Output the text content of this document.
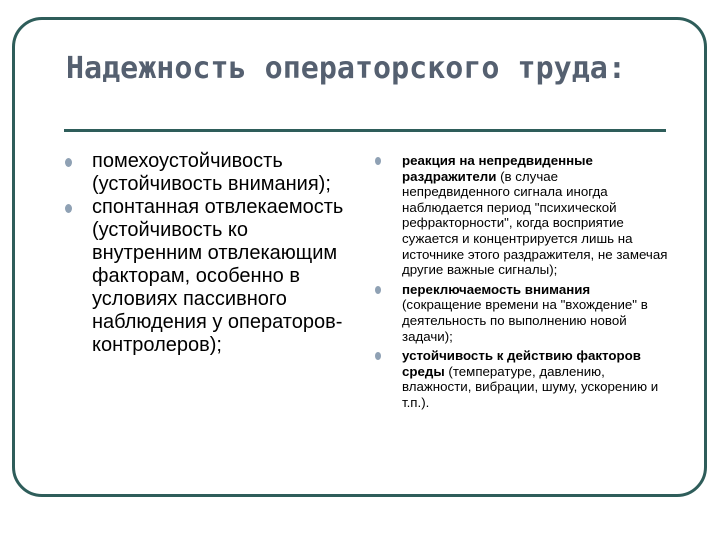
Надежность операторского труда:
помехоустойчивость (устойчивость внимания);
спонтанная отвлекаемость (устойчивость ко внутренним отвлекающим факторам, особенно в условиях пассивного наблюдения у операторов-контролеров);
реакция на непредвиденные раздражители (в случае непредвиденного сигнала иногда наблюдается период "психической рефракторности", когда восприятие сужается и концентрируется лишь на источнике этого раздражителя, не замечая другие важные сигналы);
переключаемость внимания (сокращение времени на "вхождение" в деятельность по выполнению новой задачи);
устойчивость к действию факторов среды (температуре, давлению, влажности, вибрации, шуму, ускорению и т.п.).
